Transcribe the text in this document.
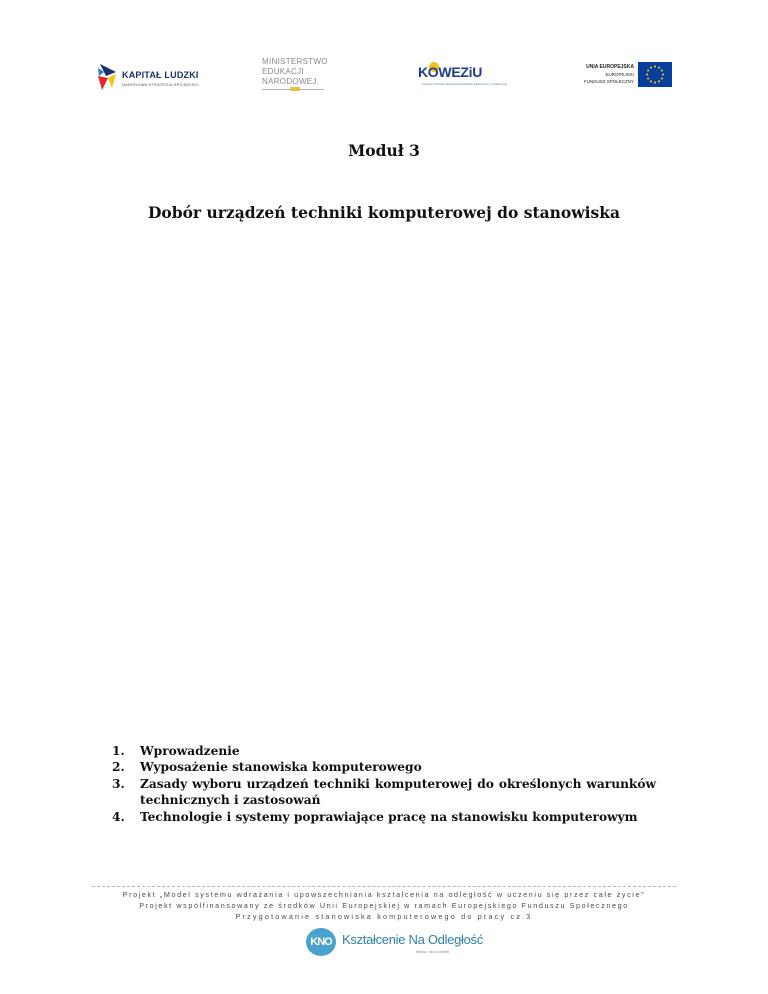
KAPITAŁ LUDZKI
NARODOWA STRATEGIA SPÓJNOŚCI
MINISTERSTWO
EDUKACJI
NARODOWEJ
KOWEZiU
Krajowy Ośrodek Wspierania Edukacji Zawodowej i Ustawicznej
UNIA EUROPEJSKA
EUROPEJSKI
FUNDUSZ SPOŁECZNY
Moduł 3
Dobór urządzeń techniki komputerowej do stanowiska
1. Wprowadzenie
2. Wyposażenie stanowiska komputerowego
3. Zasady wyboru urządzeń techniki komputerowej do określonych warunków technicznych i zastosowań
4. Technologie i systemy poprawiające pracę na stanowisku komputerowym
Projekt „Model systemu wdrażania i upowszechniania kształcenia na odległość w uczeniu się przez całe życie"
Projekt współfinansowany ze środków Unii Europejskiej w ramach Europejskiego Funduszu Społecznego
Przygotowanie stanowiska komputerowego do pracy cz.3
KNO Kształcenie Na Odległość
blisko, na co dzień
